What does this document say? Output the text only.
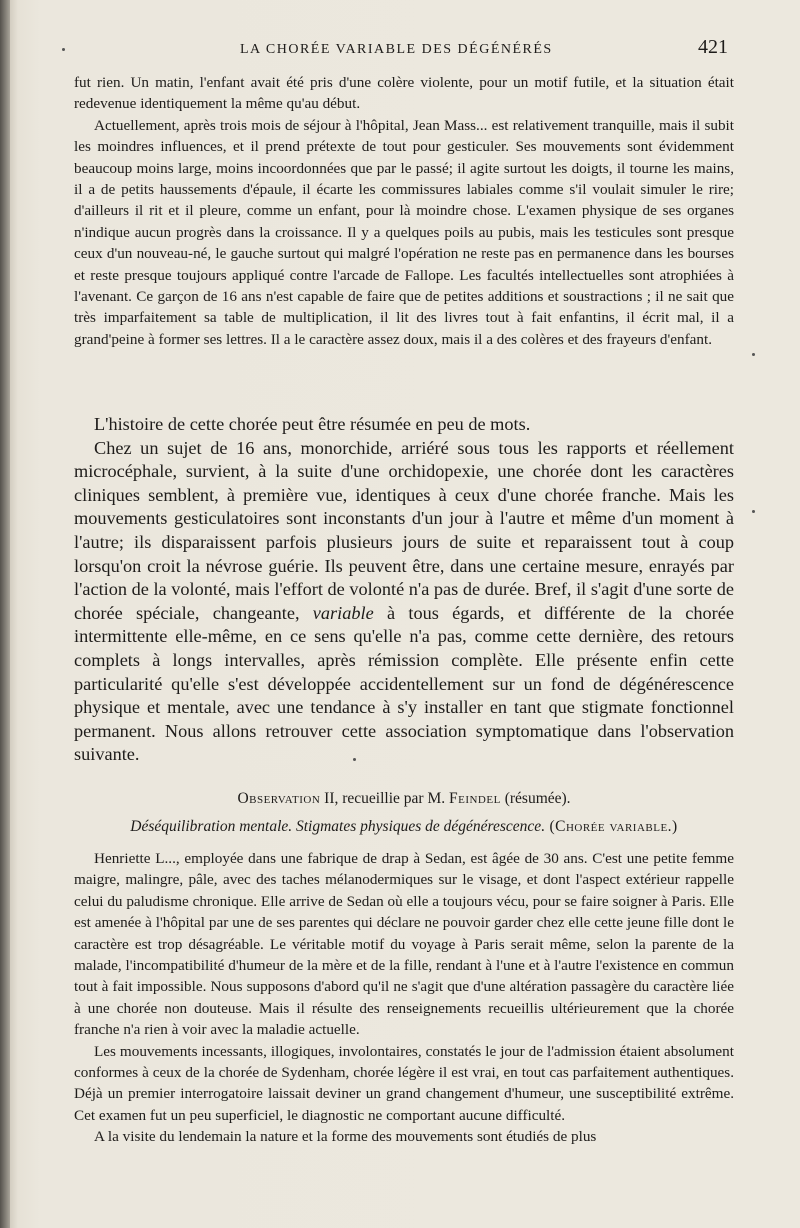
LA CHORÉE VARIABLE DES DÉGÉNÉRÉS	421

fut rien. Un matin, l'enfant avait été pris d'une colère violente, pour un motif futile, et la situation était redevenue identiquement la même qu'au début.

Actuellement, après trois mois de séjour à l'hôpital, Jean Mass... est relativement tranquille, mais il subit les moindres influences, et il prend prétexte de tout pour gesticuler. Ses mouvements sont évidemment beaucoup moins large, moins incoordonnées que par le passé; il agite surtout les doigts, il tourne les mains, il a de petits haussements d'épaule, il écarte les commissures labiales comme s'il voulait simuler le rire; d'ailleurs il rit et il pleure, comme un enfant, pour là moindre chose. L'examen physique de ses organes n'indique aucun progrès dans la croissance. Il y a quelques poils au pubis, mais les testicules sont presque ceux d'un nouveau-né, le gauche surtout qui malgré l'opération ne reste pas en permanence dans les bourses et reste presque toujours appliqué contre l'arcade de Fallope. Les facultés intellectuelles sont atrophiées à l'avenant. Ce garçon de 16 ans n'est capable de faire que de petites additions et soustractions ; il ne sait que très imparfaitement sa table de multiplication, il lit des livres tout à fait enfantins, il écrit mal, il a grand'peine à former ses lettres. Il a le caractère assez doux, mais il a des colères et des frayeurs d'enfant.

L'histoire de cette chorée peut être résumée en peu de mots.

Chez un sujet de 16 ans, monorchide, arriéré sous tous les rapports et réellement microcéphale, survient, à la suite d'une orchidopexie, une chorée dont les caractères cliniques semblent, à première vue, identiques à ceux d'une chorée franche. Mais les mouvements gesticulatoires sont inconstants d'un jour à l'autre et même d'un moment à l'autre; ils disparaissent parfois plusieurs jours de suite et reparaissent tout à coup lorsqu'on croit la névrose guérie. Ils peuvent être, dans une certaine mesure, enrayés par l'action de la volonté, mais l'effort de volonté n'a pas de durée. Bref, il s'agit d'une sorte de chorée spéciale, changeante, variable à tous égards, et différente de la chorée intermittente elle-même, en ce sens qu'elle n'a pas, comme cette dernière, des retours complets à longs intervalles, après rémission complète. Elle présente enfin cette particularité qu'elle s'est développée accidentellement sur un fond de dégénérescence physique et mentale, avec une tendance à s'y installer en tant que stigmate fonctionnel permanent. Nous allons retrouver cette association symptomatique dans l'observation suivante.

Observation II, recueillie par M. Feindel (résumée).

Déséquilibration mentale. Stigmates physiques de dégénérescence. (Chorée variable.)

Henriette L..., employée dans une fabrique de drap à Sedan, est âgée de 30 ans. C'est une petite femme maigre, malingre, pâle, avec des taches mélanodermiques sur le visage, et dont l'aspect extérieur rappelle celui du paludisme chronique. Elle arrive de Sedan où elle a toujours vécu, pour se faire soigner à Paris. Elle est amenée à l'hôpital par une de ses parentes qui déclare ne pouvoir garder chez elle cette jeune fille dont le caractère est trop désagréable. Le véritable motif du voyage à Paris serait même, selon la parente de la malade, l'incompatibilité d'humeur de la mère et de la fille, rendant à l'une et à l'autre l'existence en commun tout à fait impossible. Nous supposons d'abord qu'il ne s'agit que d'une altération passagère du caractère liée à une chorée non douteuse. Mais il résulte des renseignements recueillis ultérieurement que la chorée franche n'a rien à voir avec la maladie actuelle.

Les mouvements incessants, illogiques, involontaires, constatés le jour de l'admission étaient absolument conformes à ceux de la chorée de Sydenham, chorée légère il est vrai, en tout cas parfaitement authentiques. Déjà un premier interrogatoire laissait deviner un grand changement d'humeur, une susceptibilité extrême. Cet examen fut un peu superficiel, le diagnostic ne comportant aucune difficulté.

A la visite du lendemain la nature et la forme des mouvements sont étudiés de plus
